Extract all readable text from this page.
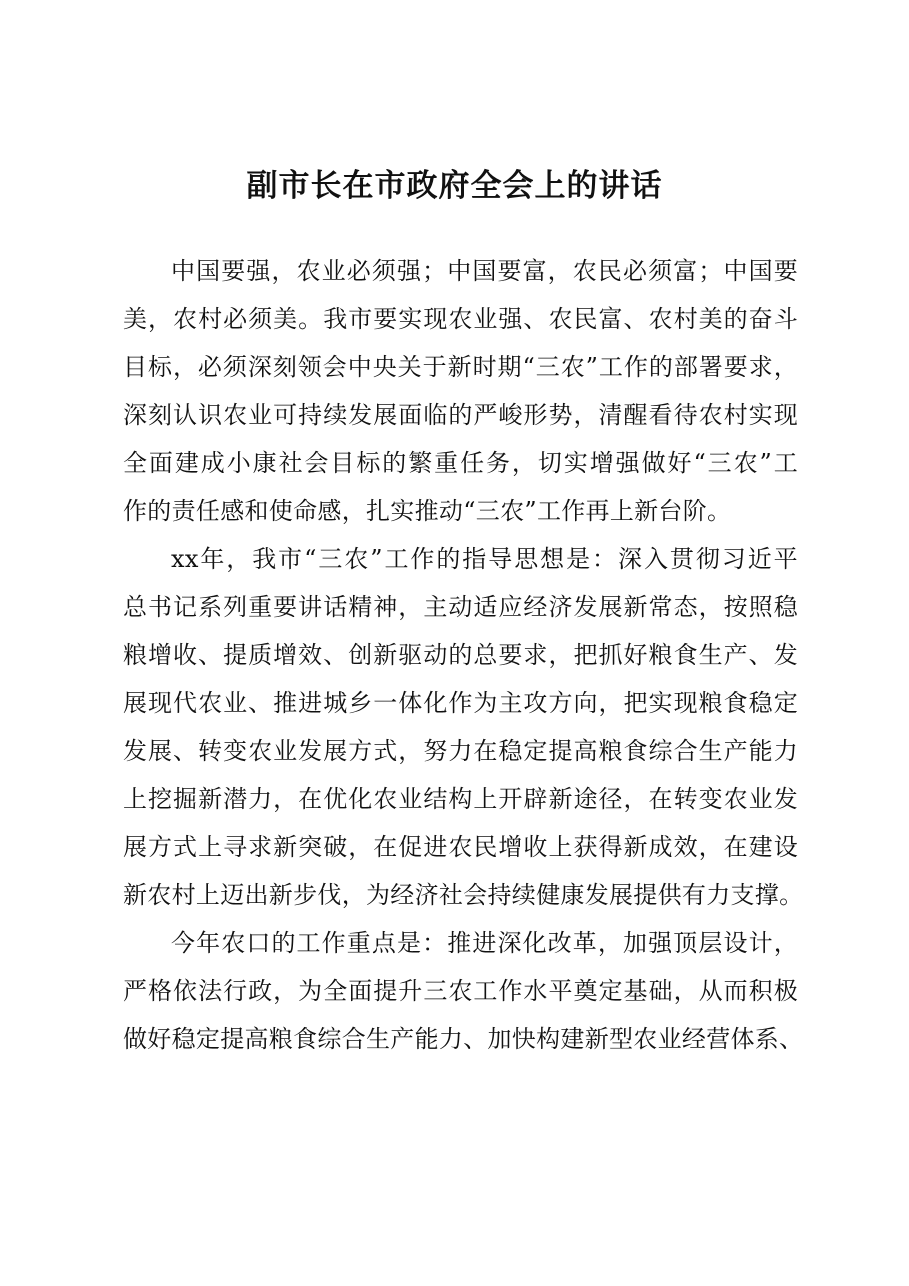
副市长在市政府全会上的讲话

中国要强，农业必须强；中国要富，农民必须富；中国要
美，农村必须美。我市要实现农业强、农民富、农村美的奋斗
目标，必须深刻领会中央关于新时期“三农”工作的部署要求，
深刻认识农业可持续发展面临的严峻形势，清醒看待农村实现
全面建成小康社会目标的繁重任务，切实增强做好“三农”工
作的责任感和使命感，扎实推动“三农”工作再上新台阶。

xx年，我市“三农”工作的指导思想是：深入贯彻习近平
总书记系列重要讲话精神，主动适应经济发展新常态，按照稳
粮增收、提质增效、创新驱动的总要求，把抓好粮食生产、发
展现代农业、推进城乡一体化作为主攻方向，把实现粮食稳定
发展、转变农业发展方式，努力在稳定提高粮食综合生产能力
上挖掘新潜力，在优化农业结构上开辟新途径，在转变农业发
展方式上寻求新突破，在促进农民增收上获得新成效，在建设
新农村上迈出新步伐，为经济社会持续健康发展提供有力支撑。

今年农口的工作重点是：推进深化改革，加强顶层设计，
严格依法行政，为全面提升三农工作水平奠定基础，从而积极
做好稳定提高粮食综合生产能力、加快构建新型农业经营体系、
